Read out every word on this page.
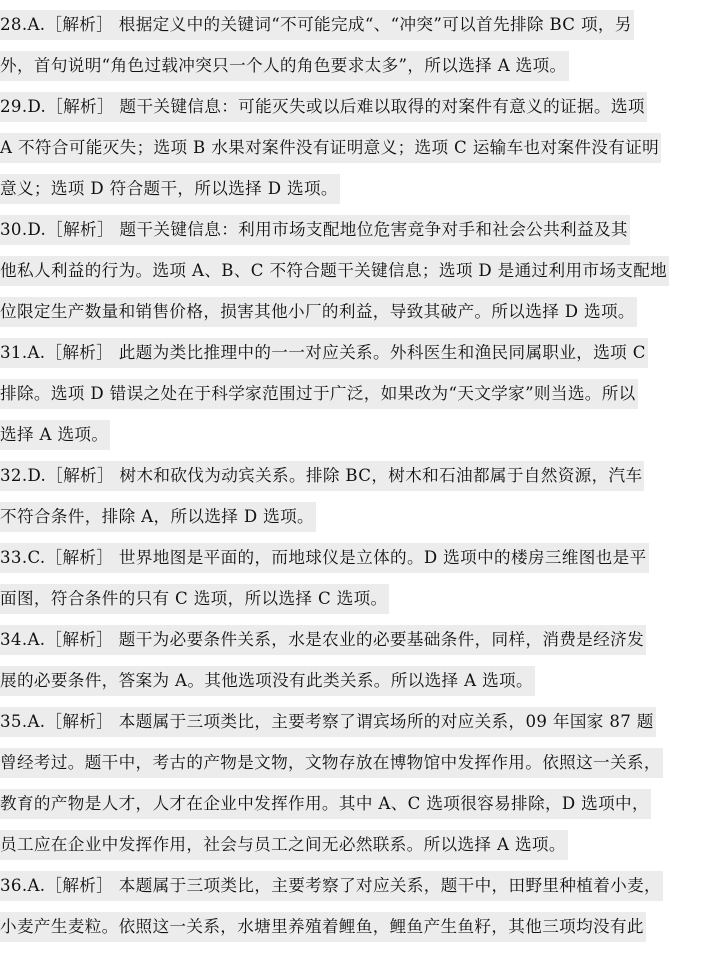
28.A.［解析］ 根据定义中的关键词“不可能完成“、“冲突”可以首先排除 BC 项，另
外，首句说明“角色过载冲突只一个人的角色要求太多”，所以选择 A 选项。
29.D.［解析］ 题干关键信息：可能灭失或以后难以取得的对案件有意义的证据。选项
A 不符合可能灭失；选项 B 水果对案件没有证明意义；选项 C 运输车也对案件没有证明
意义；选项 D 符合题干，所以选择 D 选项。
30.D.［解析］ 题干关键信息：利用市场支配地位危害竞争对手和社会公共利益及其
他私人利益的行为。选项 A、B、C 不符合题干关键信息；选项 D 是通过利用市场支配地
位限定生产数量和销售价格，损害其他小厂的利益，导致其破产。所以选择 D 选项。
31.A.［解析］ 此题为类比推理中的一一对应关系。外科医生和渔民同属职业，选项 C
排除。选项 D 错误之处在于科学家范围过于广泛，如果改为“天文学家”则当选。所以
选择 A 选项。
32.D.［解析］ 树木和砍伐为动宾关系。排除 BC，树木和石油都属于自然资源，汽车
不符合条件，排除 A，所以选择 D 选项。
33.C.［解析］ 世界地图是平面的，而地球仪是立体的。D 选项中的楼房三维图也是平
面图，符合条件的只有 C 选项，所以选择 C 选项。
34.A.［解析］ 题干为必要条件关系，水是农业的必要基础条件，同样，消费是经济发
展的必要条件，答案为 A。其他选项没有此类关系。所以选择 A 选项。
35.A.［解析］ 本题属于三项类比，主要考察了谓宾场所的对应关系，09 年国家 87 题
曾经考过。题干中，考古的产物是文物，文物存放在博物馆中发挥作用。依照这一关系，
教育的产物是人才，人才在企业中发挥作用。其中 A、C 选项很容易排除，D 选项中，
员工应在企业中发挥作用，社会与员工之间无必然联系。所以选择 A 选项。
36.A.［解析］ 本题属于三项类比，主要考察了对应关系，题干中，田野里种植着小麦，
小麦产生麦粒。依照这一关系，水塘里养殖着鲤鱼，鲤鱼产生鱼籽，其他三项均没有此
